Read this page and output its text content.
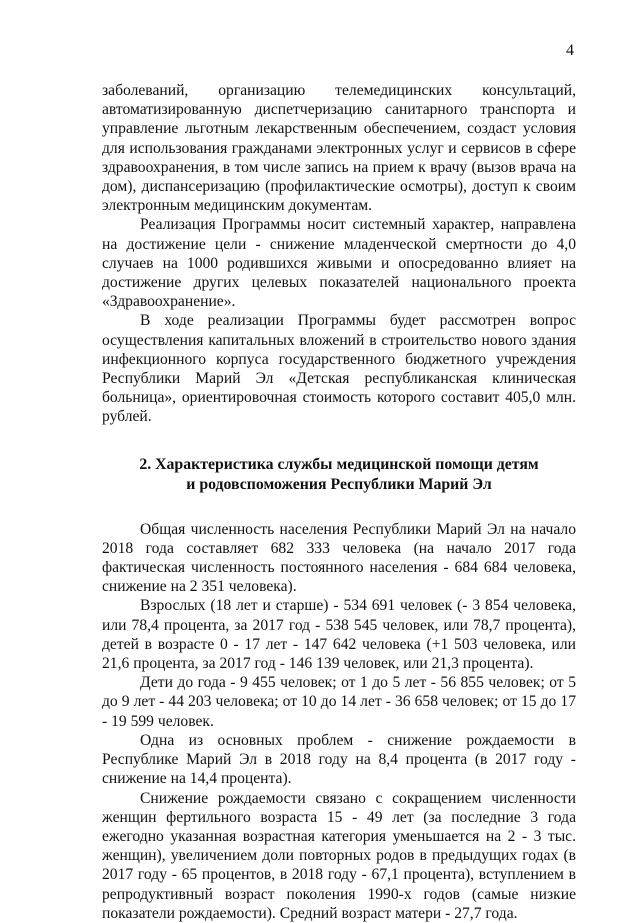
4

заболеваний, организацию телемедицинских консультаций, автоматизированную диспетчеризацию санитарного транспорта и управление льготным лекарственным обеспечением, создаст условия для использования гражданами электронных услуг и сервисов в сфере здравоохранения, в том числе запись на прием к врачу (вызов врача на дом), диспансеризацию (профилактические осмотры), доступ к своим электронным медицинским документам.

Реализация Программы носит системный характер, направлена на достижение цели - снижение младенческой смертности до 4,0 случаев на 1000 родившихся живыми и опосредованно влияет на достижение других целевых показателей национального проекта «Здравоохранение».

В ходе реализации Программы будет рассмотрен вопрос осуществления капитальных вложений в строительство нового здания инфекционного корпуса государственного бюджетного учреждения Республики Марий Эл «Детская республиканская клиническая больница», ориентировочная стоимость которого составит 405,0 млн. рублей.

2. Характеристика службы медицинской помощи детям
и родовспоможения Республики Марий Эл

Общая численность населения Республики Марий Эл на начало 2018 года составляет 682 333 человека (на начало 2017 года фактическая численность постоянного населения - 684 684 человека, снижение на 2 351 человека).

Взрослых (18 лет и старше) - 534 691 человек (- 3 854 человека, или 78,4 процента, за 2017 год - 538 545 человек, или 78,7 процента), детей в возрасте 0 - 17 лет - 147 642 человека (+1 503 человека, или 21,6 процента, за 2017 год - 146 139 человек, или 21,3 процента).

Дети до года - 9 455 человек; от 1 до 5 лет - 56 855 человек; от 5 до 9 лет - 44 203 человека; от 10 до 14 лет - 36 658 человек; от 15 до 17 - 19 599 человек.

Одна из основных проблем - снижение рождаемости в Республике Марий Эл в 2018 году на 8,4 процента (в 2017 году - снижение на 14,4 процента).

Снижение рождаемости связано с сокращением численности женщин фертильного возраста 15 - 49 лет (за последние 3 года ежегодно указанная возрастная категория уменьшается на 2 - 3 тыс. женщин), увеличением доли повторных родов в предыдущих годах (в 2017 году - 65 процентов, в 2018 году - 67,1 процента), вступлением в репродуктивный возраст поколения 1990-х годов (самые низкие показатели рождаемости). Средний возраст матери - 27,7 года.
